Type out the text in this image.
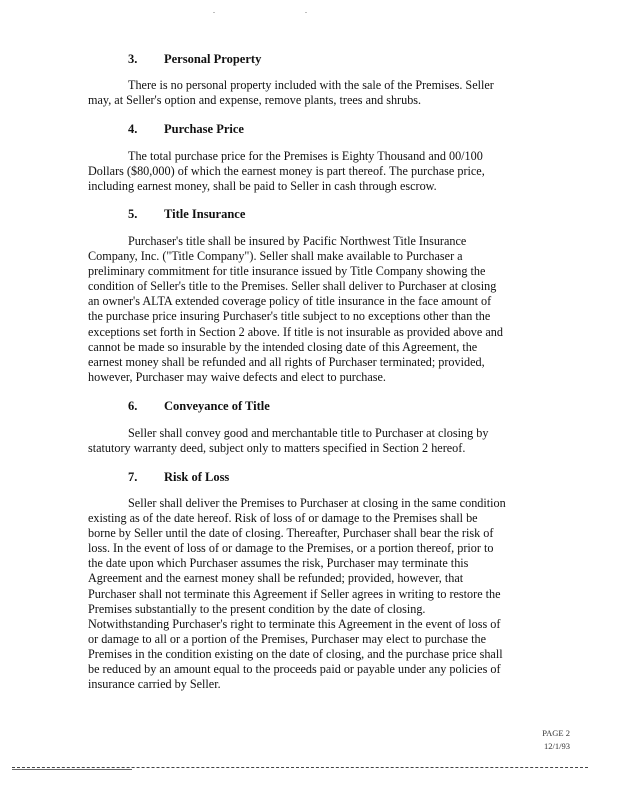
.	.
3. Personal Property
There is no personal property included with the sale of the Premises. Seller
may, at Seller's option and expense, remove plants, trees and shrubs.
4. Purchase Price
The total purchase price for the Premises is Eighty Thousand and 00/100
Dollars ($80,000) of which the earnest money is part thereof. The purchase price,
including earnest money, shall be paid to Seller in cash through escrow.
5. Title Insurance
Purchaser's title shall be insured by Pacific Northwest Title Insurance
Company, Inc. ("Title Company"). Seller shall make available to Purchaser a
preliminary commitment for title insurance issued by Title Company showing the
condition of Seller's title to the Premises. Seller shall deliver to Purchaser at closing
an owner's ALTA extended coverage policy of title insurance in the face amount of
the purchase price insuring Purchaser's title subject to no exceptions other than the
exceptions set forth in Section 2 above. If title is not insurable as provided above and
cannot be made so insurable by the intended closing date of this Agreement, the
earnest money shall be refunded and all rights of Purchaser terminated; provided,
however, Purchaser may waive defects and elect to purchase.
6. Conveyance of Title
Seller shall convey good and merchantable title to Purchaser at closing by
statutory warranty deed, subject only to matters specified in Section 2 hereof.
7. Risk of Loss
Seller shall deliver the Premises to Purchaser at closing in the same condition
existing as of the date hereof. Risk of loss of or damage to the Premises shall be
borne by Seller until the date of closing. Thereafter, Purchaser shall bear the risk of
loss. In the event of loss of or damage to the Premises, or a portion thereof, prior to
the date upon which Purchaser assumes the risk, Purchaser may terminate this
Agreement and the earnest money shall be refunded; provided, however, that
Purchaser shall not terminate this Agreement if Seller agrees in writing to restore the
Premises substantially to the present condition by the date of closing.
Notwithstanding Purchaser's right to terminate this Agreement in the event of loss of
or damage to all or a portion of the Premises, Purchaser may elect to purchase the
Premises in the condition existing on the date of closing, and the purchase price shall
be reduced by an amount equal to the proceeds paid or payable under any policies of
insurance carried by Seller.
PAGE 2
12/1/93
